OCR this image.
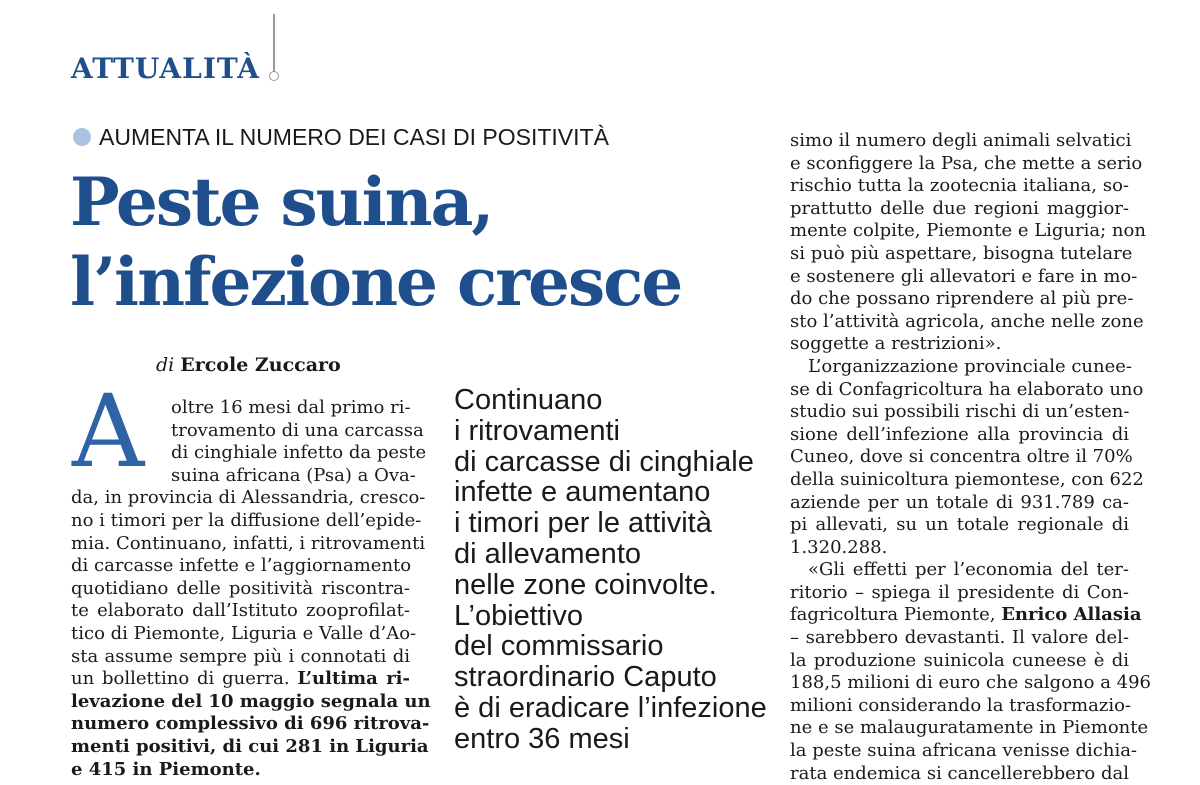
ATTUALITÀ
AUMENTA IL NUMERO DEI CASI DI POSITIVITÀ
Peste suina,
l’infezione cresce
di Ercole Zuccaro
A	oltre 16 mesi dal primo ri-
trovamento di una carcassa
di cinghiale infetto da peste
suina africana (Psa) a Ova-
da, in provincia di Alessandria, cresco-
no i timori per la diffusione dell’epide-
mia. Continuano, infatti, i ritrovamenti
di carcasse infette e l’aggiornamento
quotidiano delle positività riscontra-
te elaborato dall’Istituto zooprofilat-
tico di Piemonte, Liguria e Valle d’Ao-
sta assume sempre più i connotati di
un bollettino di guerra. L’ultima ri-
levazione del 10 maggio segnala un
numero complessivo di 696 ritrova-
menti positivi, di cui 281 in Liguria
e 415 in Piemonte.
Continuano
i ritrovamenti
di carcasse di cinghiale
infette e aumentano
i timori per le attività
di allevamento
nelle zone coinvolte.
L’obiettivo
del commissario
straordinario Caputo
è di eradicare l’infezione
entro 36 mesi
simo il numero degli animali selvatici
e sconfiggere la Psa, che mette a serio
rischio tutta la zootecnia italiana, so-
prattutto delle due regioni maggior-
mente colpite, Piemonte e Liguria; non
si può più aspettare, bisogna tutelare
e sostenere gli allevatori e fare in mo-
do che possano riprendere al più pre-
sto l’attività agricola, anche nelle zone
soggette a restrizioni».
L’organizzazione provinciale cunee-
se di Confagricoltura ha elaborato uno
studio sui possibili rischi di un’esten-
sione dell’infezione alla provincia di
Cuneo, dove si concentra oltre il 70%
della suinicoltura piemontese, con 622
aziende per un totale di 931.789 ca-
pi allevati, su un totale regionale di
1.320.288.
«Gli effetti per l’economia del ter-
ritorio – spiega il presidente di Con-
fagricoltura Piemonte, Enrico Allasia
– sarebbero devastanti. Il valore del-
la produzione suinicola cuneese è di
188,5 milioni di euro che salgono a 496
milioni considerando la trasformazio-
ne e se malauguratamente in Piemonte
la peste suina africana venisse dichia-
rata endemica si cancellerebbero dal
